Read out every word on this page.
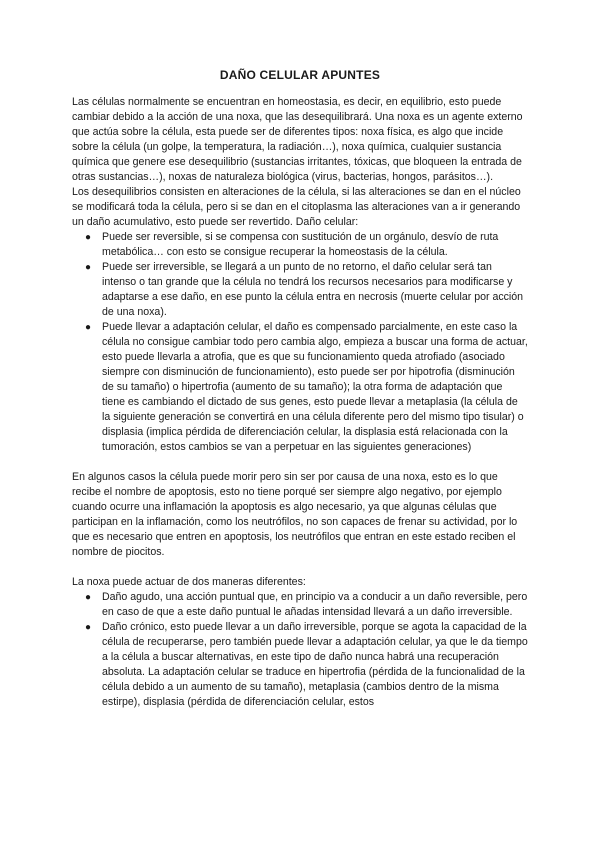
DAÑO CELULAR APUNTES

Las células normalmente se encuentran en homeostasia, es decir, en equilibrio, esto puede cambiar debido a la acción de una noxa, que las desequilibrará. Una noxa es un agente externo que actúa sobre la célula, esta puede ser de diferentes tipos: noxa física, es algo que incide sobre la célula (un golpe, la temperatura, la radiación…), noxa química, cualquier sustancia química que genere ese desequilibrio (sustancias irritantes, tóxicas, que bloqueen la entrada de otras sustancias…), noxas de naturaleza biológica (virus, bacterias, hongos, parásitos…).

Los desequilibrios consisten en alteraciones de la célula, si las alteraciones se dan en el núcleo se modificará toda la célula, pero si se dan en el citoplasma las alteraciones van a ir generando un daño acumulativo, esto puede ser revertido. Daño celular:

● Puede ser reversible, si se compensa con sustitución de un orgánulo, desvío de ruta metabólica… con esto se consigue recuperar la homeostasis de la célula.
● Puede ser irreversible, se llegará a un punto de no retorno, el daño celular será tan intenso o tan grande que la célula no tendrá los recursos necesarios para modificarse y adaptarse a ese daño, en ese punto la célula entra en necrosis (muerte celular por acción de una noxa).
● Puede llevar a adaptación celular, el daño es compensado parcialmente, en este caso la célula no consigue cambiar todo pero cambia algo, empieza a buscar una forma de actuar, esto puede llevarla a atrofia, que es que su funcionamiento queda atrofiado (asociado siempre con disminución de funcionamiento), esto puede ser por hipotrofia (disminución de su tamaño) o hipertrofia (aumento de su tamaño); la otra forma de adaptación que tiene es cambiando el dictado de sus genes, esto puede llevar a metaplasia (la célula de la siguiente generación se convertirá en una célula diferente pero del mismo tipo tisular) o displasia (implica pérdida de diferenciación celular, la displasia está relacionada con la tumoración, estos cambios se van a perpetuar en las siguientes generaciones)

En algunos casos la célula puede morir pero sin ser por causa de una noxa, esto es lo que recibe el nombre de apoptosis, esto no tiene porqué ser siempre algo negativo, por ejemplo cuando ocurre una inflamación la apoptosis es algo necesario, ya que algunas células que participan en la inflamación, como los neutrófilos, no son capaces de frenar su actividad, por lo que es necesario que entren en apoptosis, los neutrófilos que entran en este estado reciben el nombre de piocitos.

La noxa puede actuar de dos maneras diferentes:

● Daño agudo, una acción puntual que, en principio va a conducir a un daño reversible, pero en caso de que a este daño puntual le añadas intensidad llevará a un daño irreversible.
● Daño crónico, esto puede llevar a un daño irreversible, porque se agota la capacidad de la célula de recuperarse, pero también puede llevar a adaptación celular, ya que le da tiempo a la célula a buscar alternativas, en este tipo de daño nunca habrá una recuperación absoluta. La adaptación celular se traduce en hipertrofia (pérdida de la funcionalidad de la célula debido a un aumento de su tamaño), metaplasia (cambios dentro de la misma estirpe), displasia (pérdida de diferenciación celular, estos
